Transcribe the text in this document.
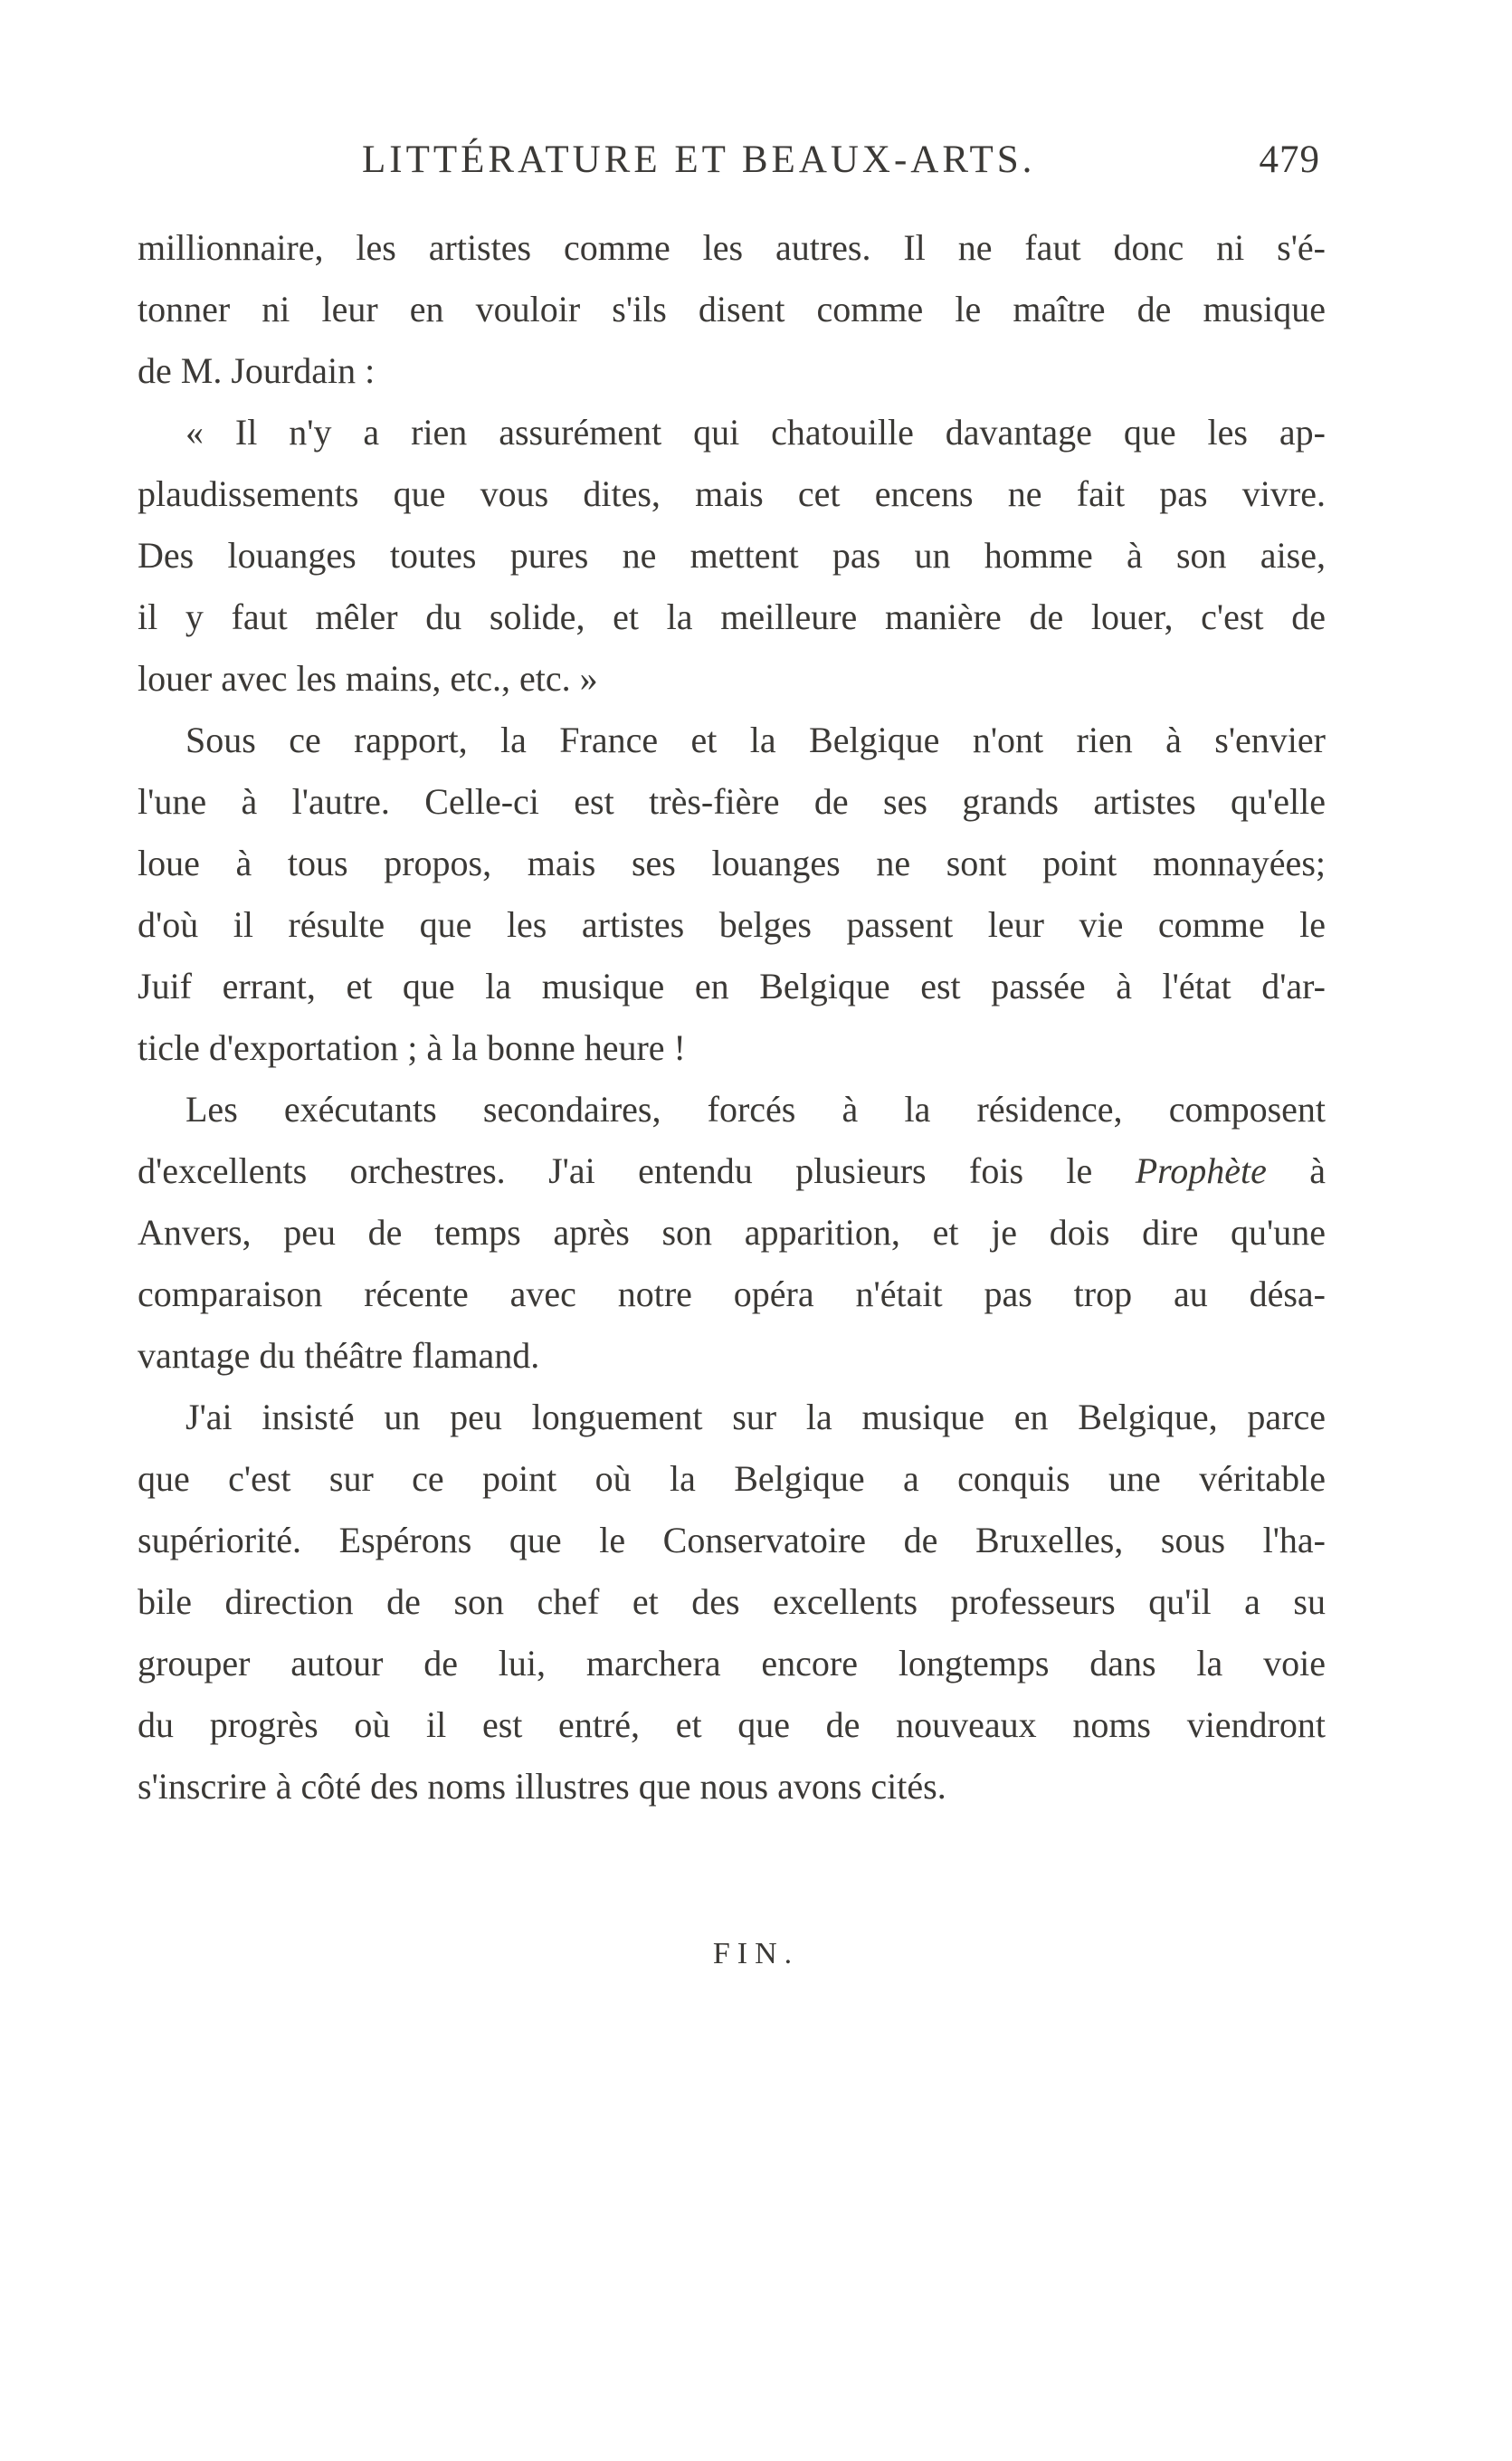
LITTÉRATURE ET BEAUX-ARTS.	479
millionnaire, les artistes comme les autres. Il ne faut donc ni s'é-
tonner ni leur en vouloir s'ils disent comme le maître de musique
de M. Jourdain :
« Il n'y a rien assurément qui chatouille davantage que les ap-
plaudissements que vous dites, mais cet encens ne fait pas vivre.
Des louanges toutes pures ne mettent pas un homme à son aise,
il y faut mêler du solide, et la meilleure manière de louer, c'est de
louer avec les mains, etc., etc. »
Sous ce rapport, la France et la Belgique n'ont rien à s'envier
l'une à l'autre. Celle-ci est très-fière de ses grands artistes qu'elle
loue à tous propos, mais ses louanges ne sont point monnayées;
d'où il résulte que les artistes belges passent leur vie comme le
Juif errant, et que la musique en Belgique est passée à l'état d'ar-
ticle d'exportation ; à la bonne heure !
Les exécutants secondaires, forcés à la résidence, composent
d'excellents orchestres. J'ai entendu plusieurs fois le Prophète à
Anvers, peu de temps après son apparition, et je dois dire qu'une
comparaison récente avec notre opéra n'était pas trop au désa-
vantage du théâtre flamand.
J'ai insisté un peu longuement sur la musique en Belgique, parce
que c'est sur ce point où la Belgique a conquis une véritable
supériorité. Espérons que le Conservatoire de Bruxelles, sous l'ha-
bile direction de son chef et des excellents professeurs qu'il a su
grouper autour de lui, marchera encore longtemps dans la voie
du progrès où il est entré, et que de nouveaux noms viendront
s'inscrire à côté des noms illustres que nous avons cités.
FIN.
